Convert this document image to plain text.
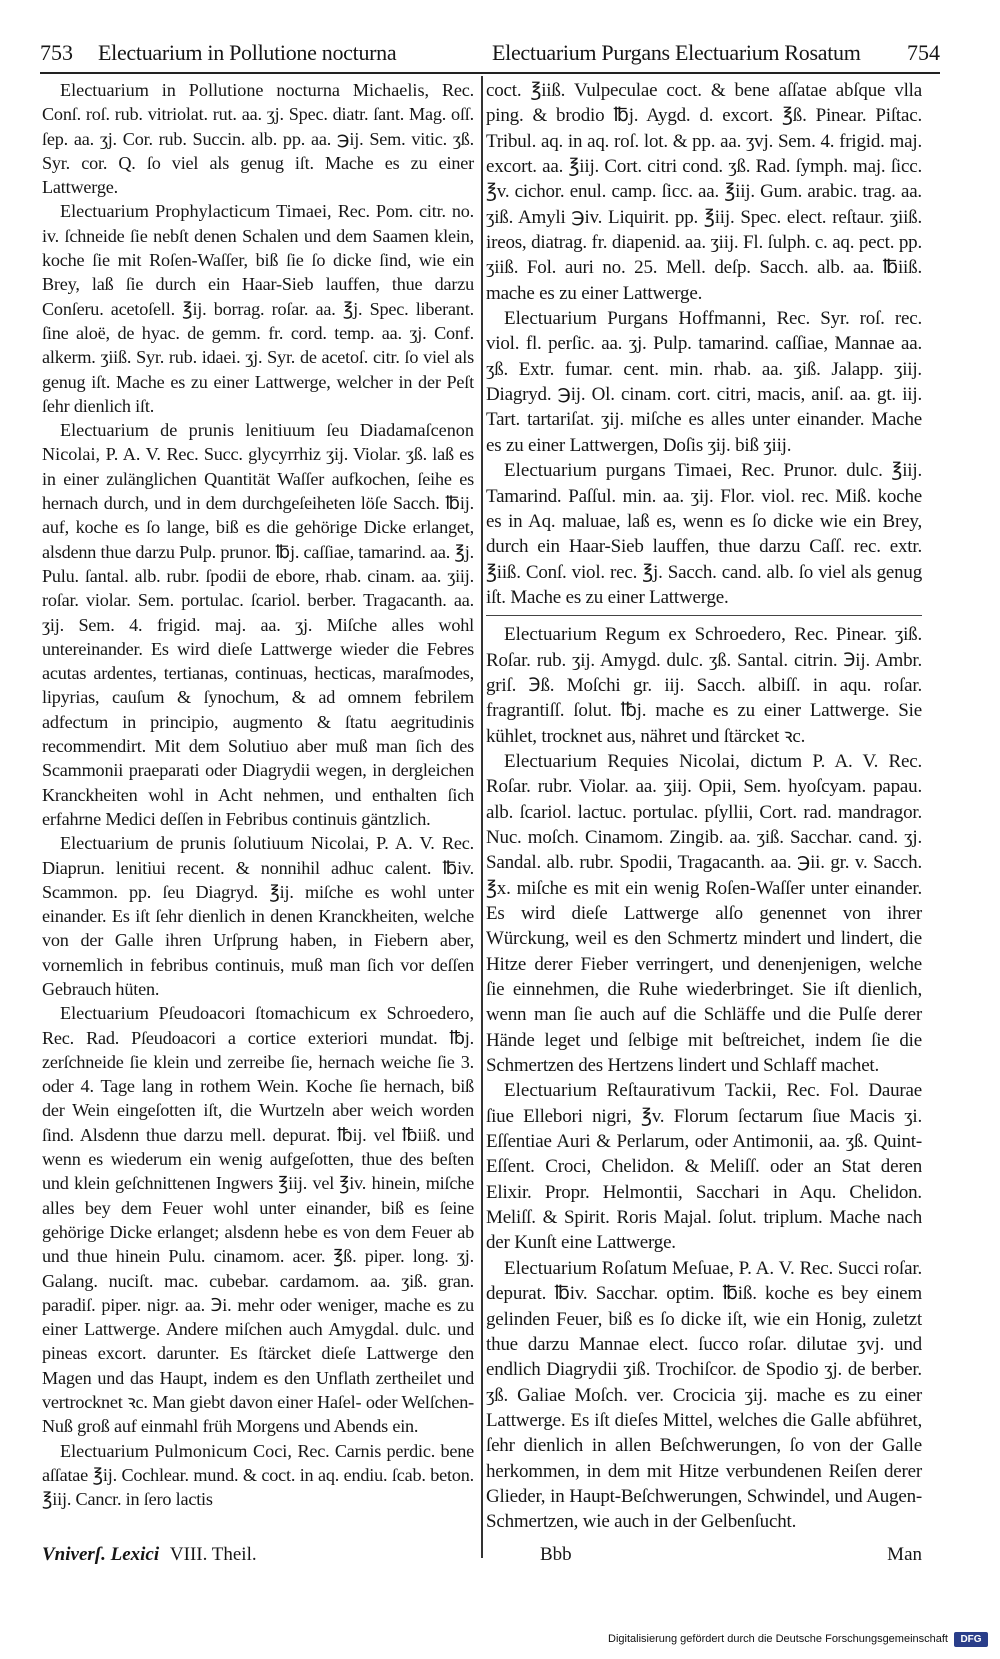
753 Electuarium in Pollutione nocturna	Electuarium Purgans Electuarium Rosatum 754

Electuarium in Pollutione nocturna Michaelis, Rec. Conſ. roſ. rub. vitriolat. rut. aa. ʒj. Spec. diatr. ſant. Mag. oſſ. ſep. aa. ʒj. Cor. rub. Succin. alb. pp. aa. ℈ij. Sem. vitic. ʒß. Syr. cor. Q. ſo viel als genug iſt. Mache es zu einer Lattwerge.

Electuarium Prophylacticum Timaei, Rec. Pom. citr. no. iv. ſchneide ſie nebſt denen Schalen und dem Saamen klein, koche ſie mit Roſen-Waſſer, biß ſie ſo dicke ſind, wie ein Brey, laß ſie durch ein Haar-Sieb lauffen, thue darzu Conſeru. acetoſell. ℥ij. borrag. roſar. aa. ℥j. Spec. liberant. ſine aloë, de hyac. de gemm. fr. cord. temp. aa. ʒj. Conf. alkerm. ʒiiß. Syr. rub. idaei. ʒj. Syr. de acetoſ. citr. ſo viel als genug iſt. Mache es zu einer Lattwerge, welcher in der Peſt ſehr dienlich iſt.

Electuarium de prunis lenitiuum ſeu Diadamaſcenon Nicolai, P. A. V. Rec. Succ. glycyrrhiz ʒij. Violar. ʒß. laß es in einer zulänglichen Quantität Waſſer aufkochen, ſeihe es hernach durch, und in dem durchgeſeiheten löſe Sacch. ℔ij. auf, koche es ſo lange, biß es die gehörige Dicke erlanget, alsdenn thue darzu Pulp. prunor. ℔j. caſſiae, tamarind. aa. ℥j. Pulu. ſantal. alb. rubr. ſpodii de ebore, rhab. cinam. aa. ʒiij. roſar. violar. Sem. portulac. ſcariol. berber. Tragacanth. aa. ʒij. Sem. 4. frigid. maj. aa. ʒj. Miſche alles wohl untereinander. Es wird dieſe Lattwerge wieder die Febres acutas ardentes, tertianas, continuas, hecticas, maraſmodes, lipyrias, cauſum & ſynochum, & ad omnem febrilem adfectum in principio, augmento & ſtatu aegritudinis recommendirt. Mit dem Solutiuo aber muß man ſich des Scammonii praeparati oder Diagrydii wegen, in dergleichen Kranckheiten wohl in Acht nehmen, und enthalten ſich erfahrne Medici deſſen in Febribus continuis gäntzlich.

Electuarium de prunis ſolutiuum Nicolai, P. A. V. Rec. Diaprun. lenitiui recent. & nonnihil adhuc calent. ℔iv. Scammon. pp. ſeu Diagryd. ℥ij. miſche es wohl unter einander. Es iſt ſehr dienlich in denen Kranckheiten, welche von der Galle ihren Urſprung haben, in Fiebern aber, vornemlich in febribus continuis, muß man ſich vor deſſen Gebrauch hüten.

Electuarium Pſeudoacori ſtomachicum ex Schroedero, Rec. Rad. Pſeudoacori a cortice exteriori mundat. ℔j. zerſchneide ſie klein und zerreibe ſie, hernach weiche ſie 3. oder 4. Tage lang in rothem Wein. Koche ſie hernach, biß der Wein eingeſotten iſt, die Wurtzeln aber weich worden ſind. Alsdenn thue darzu mell. depurat. ℔ij. vel ℔iiß. und wenn es wiederum ein wenig aufgeſotten, thue des beſten und klein geſchnittenen Ingwers ℥iij. vel ℥iv. hinein, miſche alles bey dem Feuer wohl unter einander, biß es ſeine gehörige Dicke erlanget; alsdenn hebe es von dem Feuer ab und thue hinein Pulu. cinamom. acer. ℥ß. piper. long. ʒj. Galang. nuciſt. mac. cubebar. cardamom. aa. ʒiß. gran. paradiſ. piper. nigr. aa. ℈i. mehr oder weniger, mache es zu einer Lattwerge. Andere miſchen auch Amygdal. dulc. und pineas excort. darunter. Es ſtärcket dieſe Lattwerge den Magen und das Haupt, indem es den Unflath zertheilet und vertrocknet ꝛc. Man giebt davon einer Haſel- oder Welſchen-Nuß groß auf einmahl früh Morgens und Abends ein.

Electuarium Pulmonicum Coci, Rec. Carnis perdic. bene aſſatae ℥ij. Cochlear. mund. & coct. in aq. endiu. ſcab. beton. ℥iij. Cancr. in ſero lactis

coct. ℥iiß. Vulpeculae coct. & bene aſſatae abſque vlla ping. & brodio ℔j. Aygd. d. excort. ℥ß. Pinear. Piſtac. Tribul. aq. in aq. roſ. lot. & pp. aa. ʒvj. Sem. 4. frigid. maj. excort. aa. ℥iij. Cort. citri cond. ʒß. Rad. ſymph. maj. ſicc. ℥v. cichor. enul. camp. ſicc. aa. ℥iij. Gum. arabic. trag. aa. ʒiß. Amyli ℈iv. Liquirit. pp. ℥iij. Spec. elect. reſtaur. ʒiiß. ireos, diatrag. fr. diapenid. aa. ʒiij. Fl. ſulph. c. aq. pect. pp. ʒiiß. Fol. auri no. 25. Mell. deſp. Sacch. alb. aa. ℔iiß. mache es zu einer Lattwerge.

Electuarium Purgans Hoffmanni, Rec. Syr. roſ. rec. viol. fl. perſic. aa. ʒj. Pulp. tamarind. caſſiae, Mannae aa. ʒß. Extr. fumar. cent. min. rhab. aa. ʒiß. Jalapp. ʒiij. Diagryd. ℈ij. Ol. cinam. cort. citri, macis, aniſ. aa. gt. iij. Tart. tartariſat. ʒij. miſche es alles unter einander. Mache es zu einer Lattwergen, Doſis ʒij. biß ʒiij.

Electuarium purgans Timaei, Rec. Prunor. dulc. ℥iij. Tamarind. Paſſul. min. aa. ʒij. Flor. viol. rec. Miß. koche es in Aq. maluae, laß es, wenn es ſo dicke wie ein Brey, durch ein Haar-Sieb lauffen, thue darzu Caſſ. rec. extr. ℥iiß. Conſ. viol. rec. ℥j. Sacch. cand. alb. ſo viel als genug iſt. Mache es zu einer Lattwerge.

Electuarium Regum ex Schroedero, Rec. Pinear. ʒiß. Roſar. rub. ʒij. Amygd. dulc. ʒß. Santal. citrin. ℈ij. Ambr. griſ. ℈ß. Moſchi gr. iij. Sacch. albiſſ. in aqu. roſar. fragrantiſſ. ſolut. ℔j. mache es zu einer Lattwerge. Sie kühlet, trocknet aus, nähret und ſtärcket ꝛc.

Electuarium Requies Nicolai, dictum P. A. V. Rec. Roſar. rubr. Violar. aa. ʒiij. Opii, Sem. hyoſcyam. papau. alb. ſcariol. lactuc. portulac. pſyllii, Cort. rad. mandragor. Nuc. moſch. Cinamom. Zingib. aa. ʒiß. Sacchar. cand. ʒj. Sandal. alb. rubr. Spodii, Tragacanth. aa. ℈ii. gr. v. Sacch. ℥x. miſche es mit ein wenig Roſen-Waſſer unter einander. Es wird dieſe Lattwerge alſo genennet von ihrer Würckung, weil es den Schmertz mindert und lindert, die Hitze derer Fieber verringert, und denenjenigen, welche ſie einnehmen, die Ruhe wiederbringet. Sie iſt dienlich, wenn man ſie auch auf die Schläffe und die Pulſe derer Hände leget und ſelbige mit beſtreichet, indem ſie die Schmertzen des Hertzens lindert und Schlaff machet.

Electuarium Reſtaurativum Tackii, Rec. Fol. Daurae ſiue Ellebori nigri, ℥v. Florum ſectarum ſiue Macis ʒi. Eſſentiae Auri & Perlarum, oder Antimonii, aa. ʒß. Quint-Eſſent. Croci, Chelidon. & Meliſſ. oder an Stat deren Elixir. Propr. Helmontii, Sacchari in Aqu. Chelidon. Meliſſ. & Spirit. Roris Majal. ſolut. triplum. Mache nach der Kunſt eine Lattwerge.

Electuarium Roſatum Meſuae, P. A. V. Rec. Succi roſar. depurat. ℔iv. Sacchar. optim. ℔iß. koche es bey einem gelinden Feuer, biß es ſo dicke iſt, wie ein Honig, zuletzt thue darzu Mannae elect. ſucco roſar. dilutae ʒvj. und endlich Diagrydii ʒiß. Trochiſcor. de Spodio ʒj. de berber. ʒß. Galiae Moſch. ver. Crocicia ʒij. mache es zu einer Lattwerge. Es iſt dieſes Mittel, welches die Galle abführet, ſehr dienlich in allen Beſchwerungen, ſo von der Galle herkommen, in dem mit Hitze verbundenen Reiſen derer Glieder, in Haupt-Beſchwerungen, Schwindel, und Augen-Schmertzen, wie auch in der Gelbenſucht.

Vniverſ. Lexici VIII. Theil.	Bbb	Man
Digitalisierung gefördert durch die Deutsche Forschungsgemeinschaft	DFG
